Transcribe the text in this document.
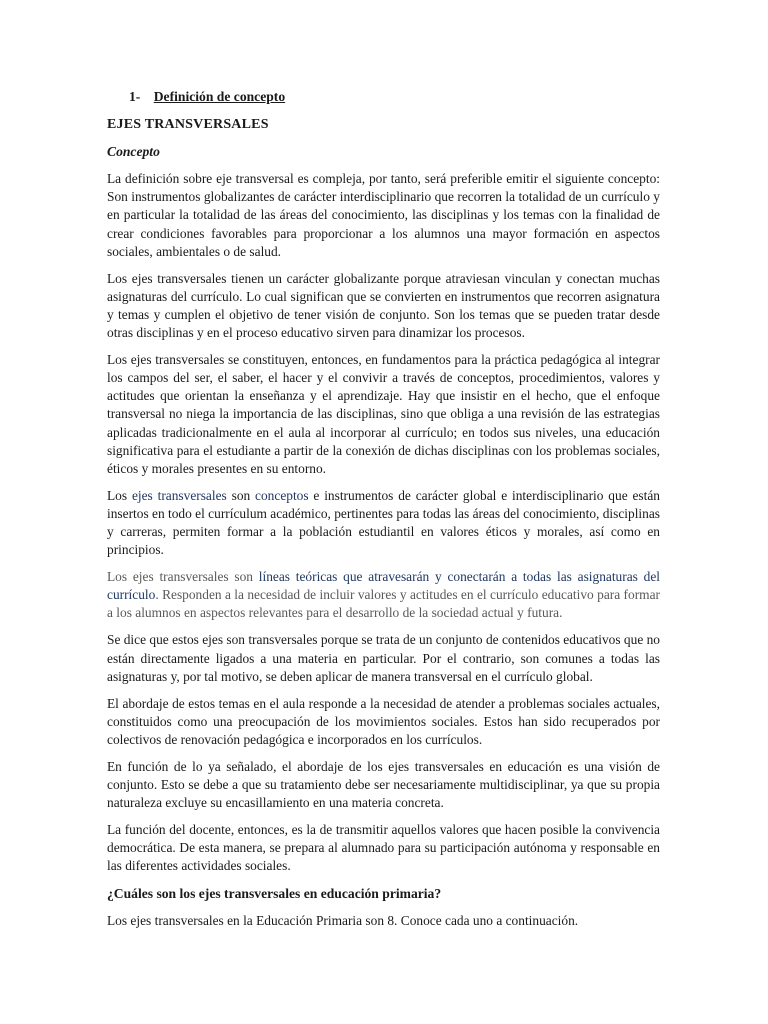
1- Definición de concepto
EJES TRANSVERSALES
Concepto

La definición sobre eje transversal es compleja, por tanto, será preferible emitir el siguiente concepto: Son instrumentos globalizantes de carácter interdisciplinario que recorren la totalidad de un currículo y en particular la totalidad de las áreas del conocimiento, las disciplinas y los temas con la finalidad de crear condiciones favorables para proporcionar a los alumnos una mayor formación en aspectos sociales, ambientales o de salud.

Los ejes transversales tienen un carácter globalizante porque atraviesan vinculan y conectan muchas asignaturas del currículo. Lo cual significan que se convierten en instrumentos que recorren asignatura y temas y cumplen el objetivo de tener visión de conjunto. Son los temas que se pueden tratar desde otras disciplinas y en el proceso educativo sirven para dinamizar los procesos.

Los ejes transversales se constituyen, entonces, en fundamentos para la práctica pedagógica al integrar los campos del ser, el saber, el hacer y el convivir a través de conceptos, procedimientos, valores y actitudes que orientan la enseñanza y el aprendizaje. Hay que insistir en el hecho, que el enfoque transversal no niega la importancia de las disciplinas, sino que obliga a una revisión de las estrategias aplicadas tradicionalmente en el aula al incorporar al currículo; en todos sus niveles, una educación significativa para el estudiante a partir de la conexión de dichas disciplinas con los problemas sociales, éticos y morales presentes en su entorno.

Los ejes transversales son conceptos e instrumentos de carácter global e interdisciplinario que están insertos en todo el currículum académico, pertinentes para todas las áreas del conocimiento, disciplinas y carreras, permiten formar a la población estudiantil en valores éticos y morales, así como en principios.

Los ejes transversales son líneas teóricas que atravesarán y conectarán a todas las asignaturas del currículo. Responden a la necesidad de incluir valores y actitudes en el currículo educativo para formar a los alumnos en aspectos relevantes para el desarrollo de la sociedad actual y futura.

Se dice que estos ejes son transversales porque se trata de un conjunto de contenidos educativos que no están directamente ligados a una materia en particular. Por el contrario, son comunes a todas las asignaturas y, por tal motivo, se deben aplicar de manera transversal en el currículo global.

El abordaje de estos temas en el aula responde a la necesidad de atender a problemas sociales actuales, constituidos como una preocupación de los movimientos sociales. Estos han sido recuperados por colectivos de renovación pedagógica e incorporados en los currículos.

En función de lo ya señalado, el abordaje de los ejes transversales en educación es una visión de conjunto. Esto se debe a que su tratamiento debe ser necesariamente multidisciplinar, ya que su propia naturaleza excluye su encasillamiento en una materia concreta.

La función del docente, entonces, es la de transmitir aquellos valores que hacen posible la convivencia democrática. De esta manera, se prepara al alumnado para su participación autónoma y responsable en las diferentes actividades sociales.

¿Cuáles son los ejes transversales en educación primaria?

Los ejes transversales en la Educación Primaria son 8. Conoce cada uno a continuación.
